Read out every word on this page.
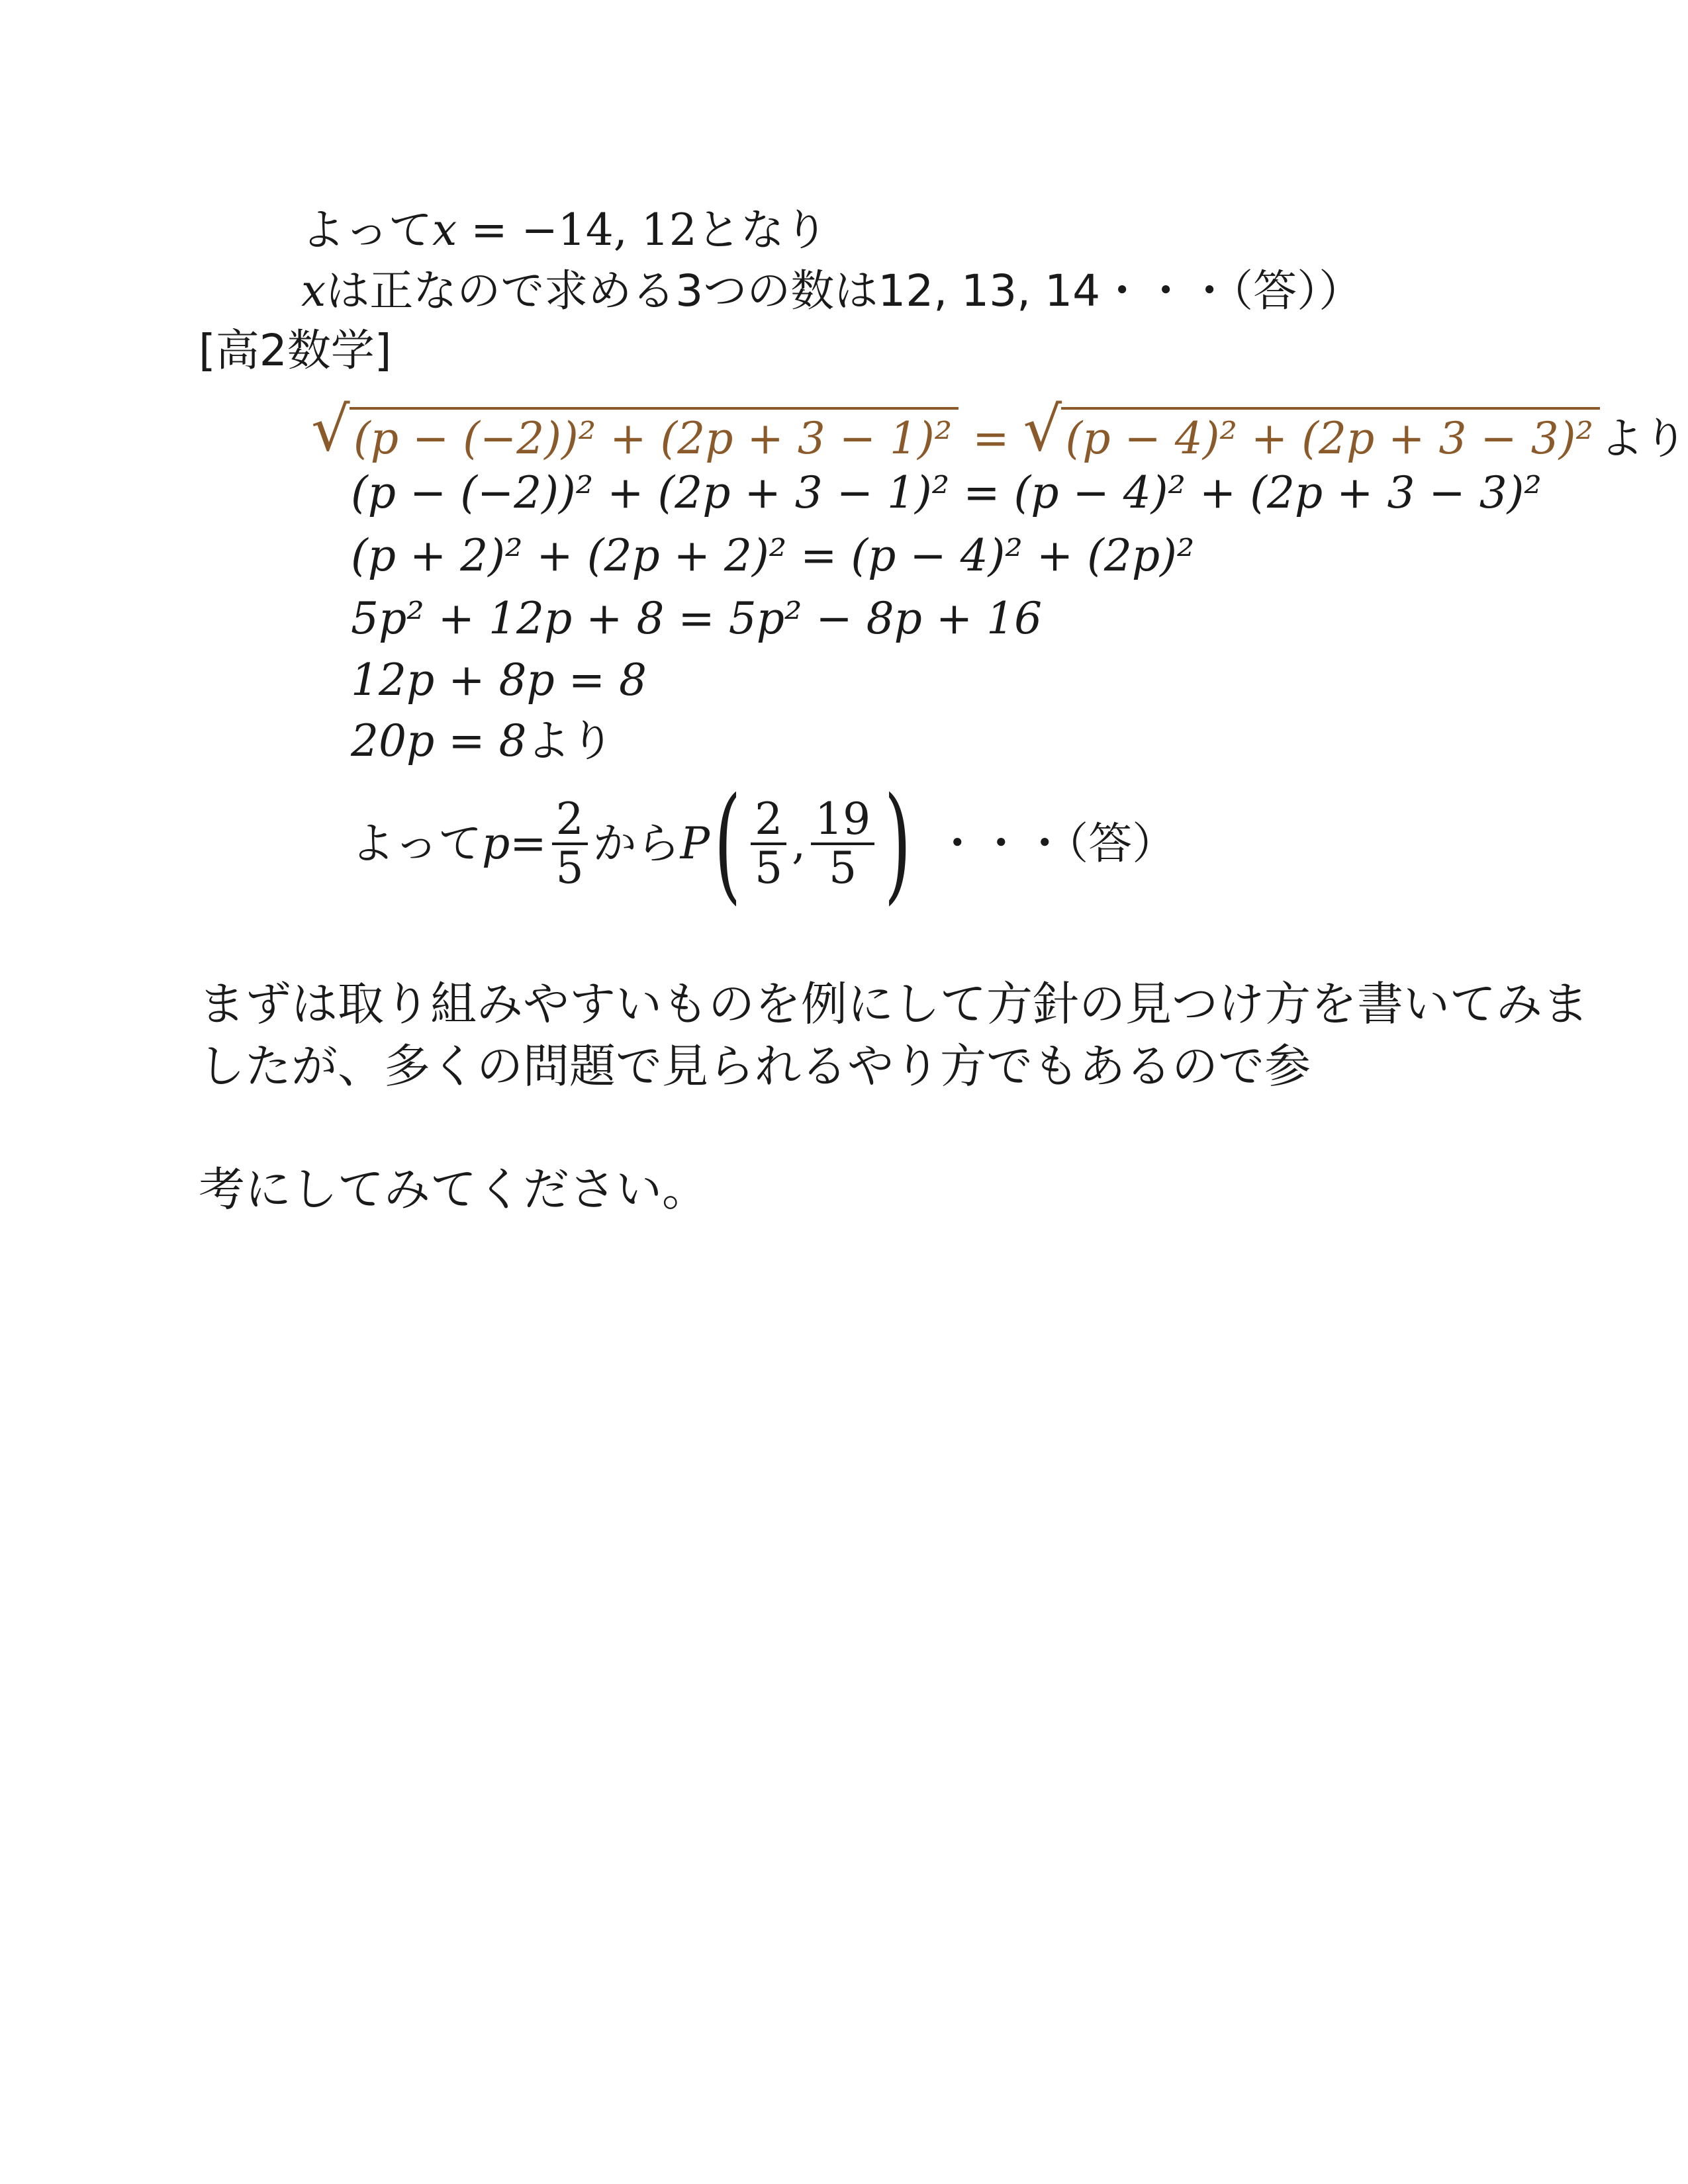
よってx = −14, 12となり
xは正なので求める3つの数は12, 13, 14・・・（答））
[高2数学]
√ (p − (−2))² + (2p + 3 − 1)² = √ (p − 4)² + (2p + 3 − 3)² より
(p − (−2))² + (2p + 3 − 1)² = (p − 4)² + (2p + 3 − 3)²
(p + 2)² + (2p + 2)² = (p − 4)² + (2p)²
5p² + 12p + 8 = 5p² − 8p + 16
12p + 8p = 8
20p = 8より
よって $p = \frac{2}{5}$ から P ( $\frac{2}{5}$ , $\frac{19}{5}$ ) ・・・（答）
まずは取り組みやすいものを例にして方針の見つけ方を書いてみましたが、多くの問題で見られるやり方でもあるので参
考にしてみてください。
